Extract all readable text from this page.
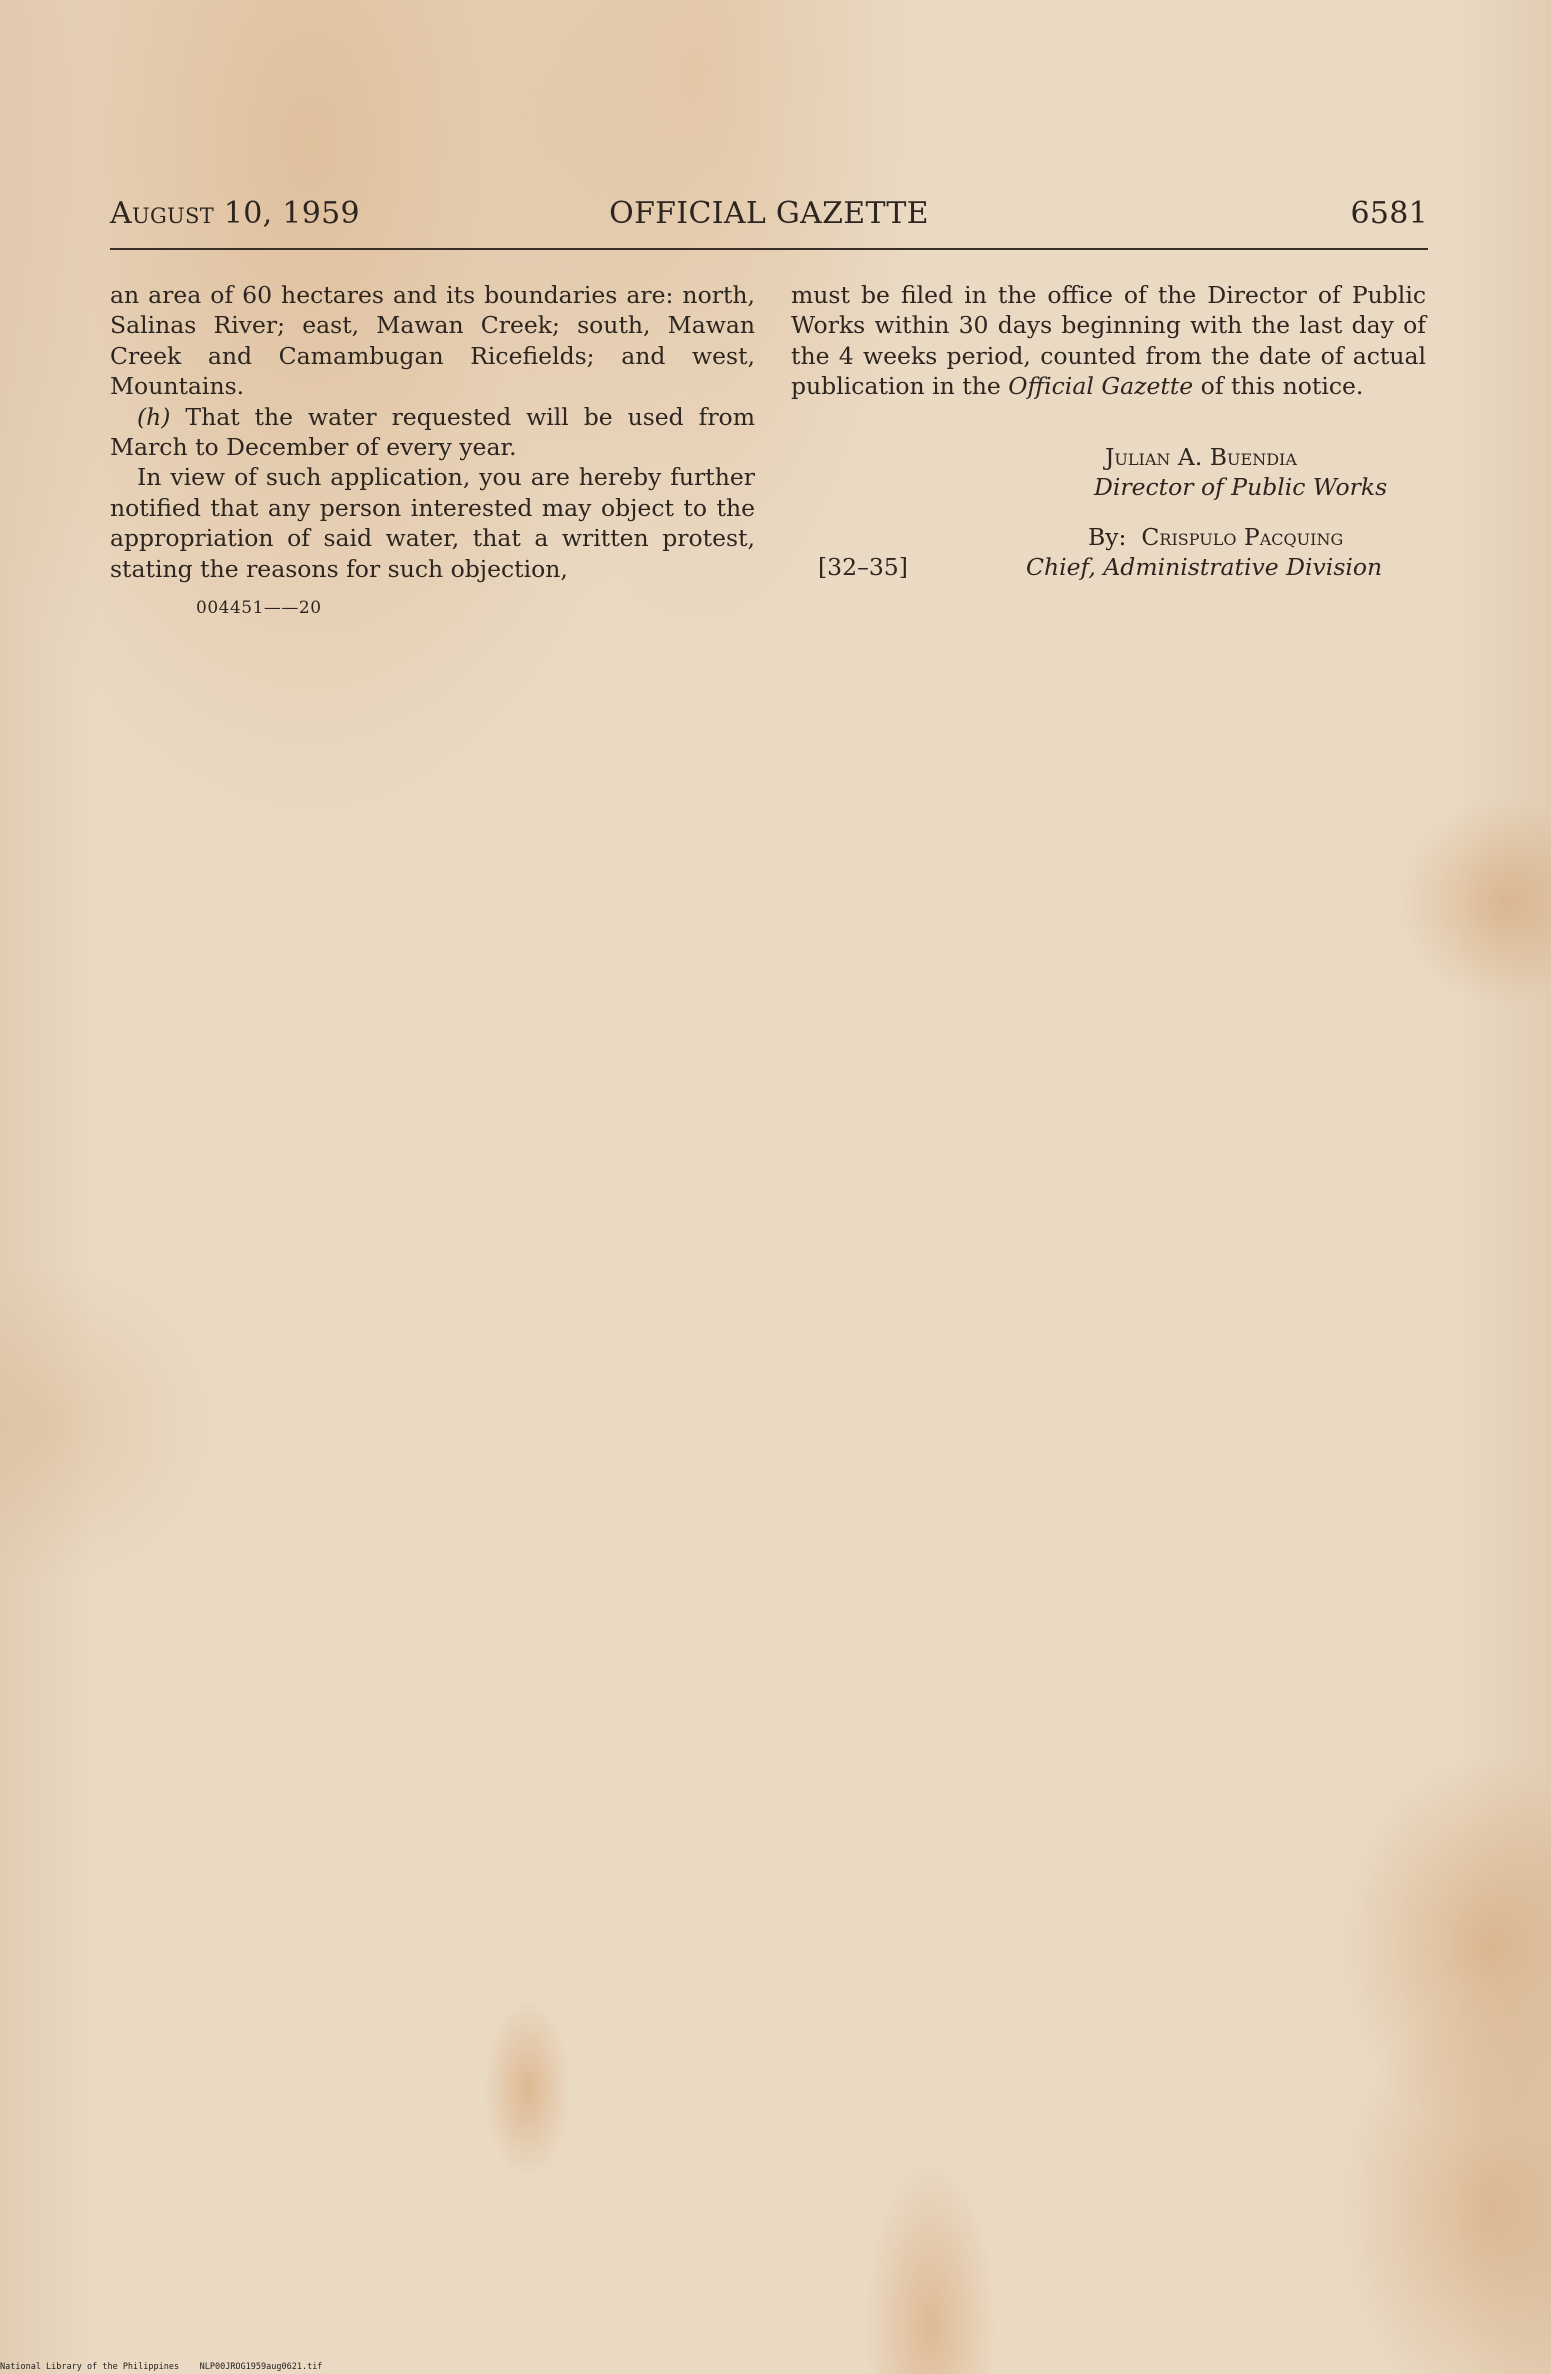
August 10, 1959	OFFICIAL GAZETTE	6581

an area of 60 hectares and its boundaries are: north, Salinas River; east, Mawan Creek; south, Mawan Creek and Camambugan Ricefields; and west, Mountains.

(h) That the water requested will be used from March to December of every year.

In view of such application, you are hereby further notified that any person interested may object to the appropriation of said water, that a written protest, stating the reasons for such objection,

004451——20

must be filed in the office of the Director of Public Works within 30 days beginning with the last day of the 4 weeks period, counted from the date of actual publication in the Official Gazette of this notice.

Julian A. Buendia
Director of Public Works
By: Crispulo Pacquing
Chief, Administrative Division
[32–35]
National Library of the Philippines NLP00JROG1959aug0621.tif
